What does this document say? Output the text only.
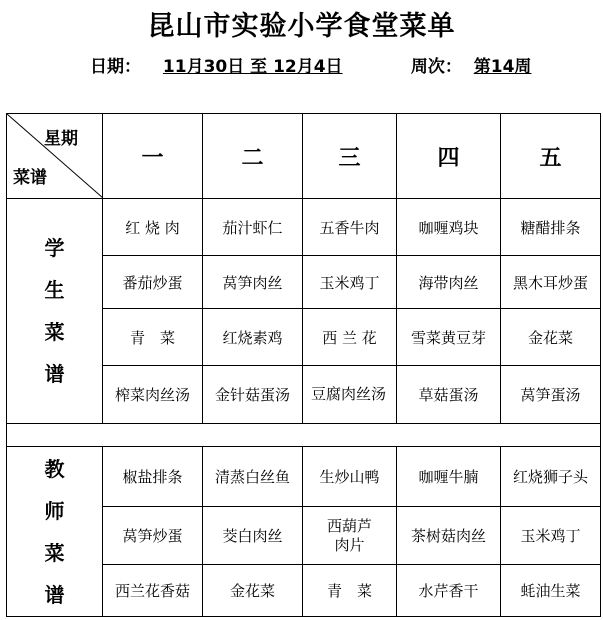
昆山市实验小学食堂菜单
日期： 11月30日 至 12月4日	周次： 第14周
星期
菜谱	一	二	三	四	五

学
生
菜
谱	红 烧 肉	茄汁虾仁	五香牛肉	咖喱鸡块	糖醋排条
	番茄炒蛋	莴笋肉丝	玉米鸡丁	海带肉丝	黑木耳炒蛋
	青　菜	红烧素鸡	西 兰 花	雪菜黄豆芽	金花菜
	榨菜肉丝汤	金针菇蛋汤	豆腐肉丝汤	草菇蛋汤	莴笋蛋汤

教
师
菜
谱	椒盐排条	清蒸白丝鱼	生炒山鸭	咖喱牛腩	红烧狮子头
	莴笋炒蛋	茭白肉丝	西葫芦肉片	茶树菇肉丝	玉米鸡丁
	西兰花香菇	金花菜	青　菜	水芹香干	蚝油生菜
